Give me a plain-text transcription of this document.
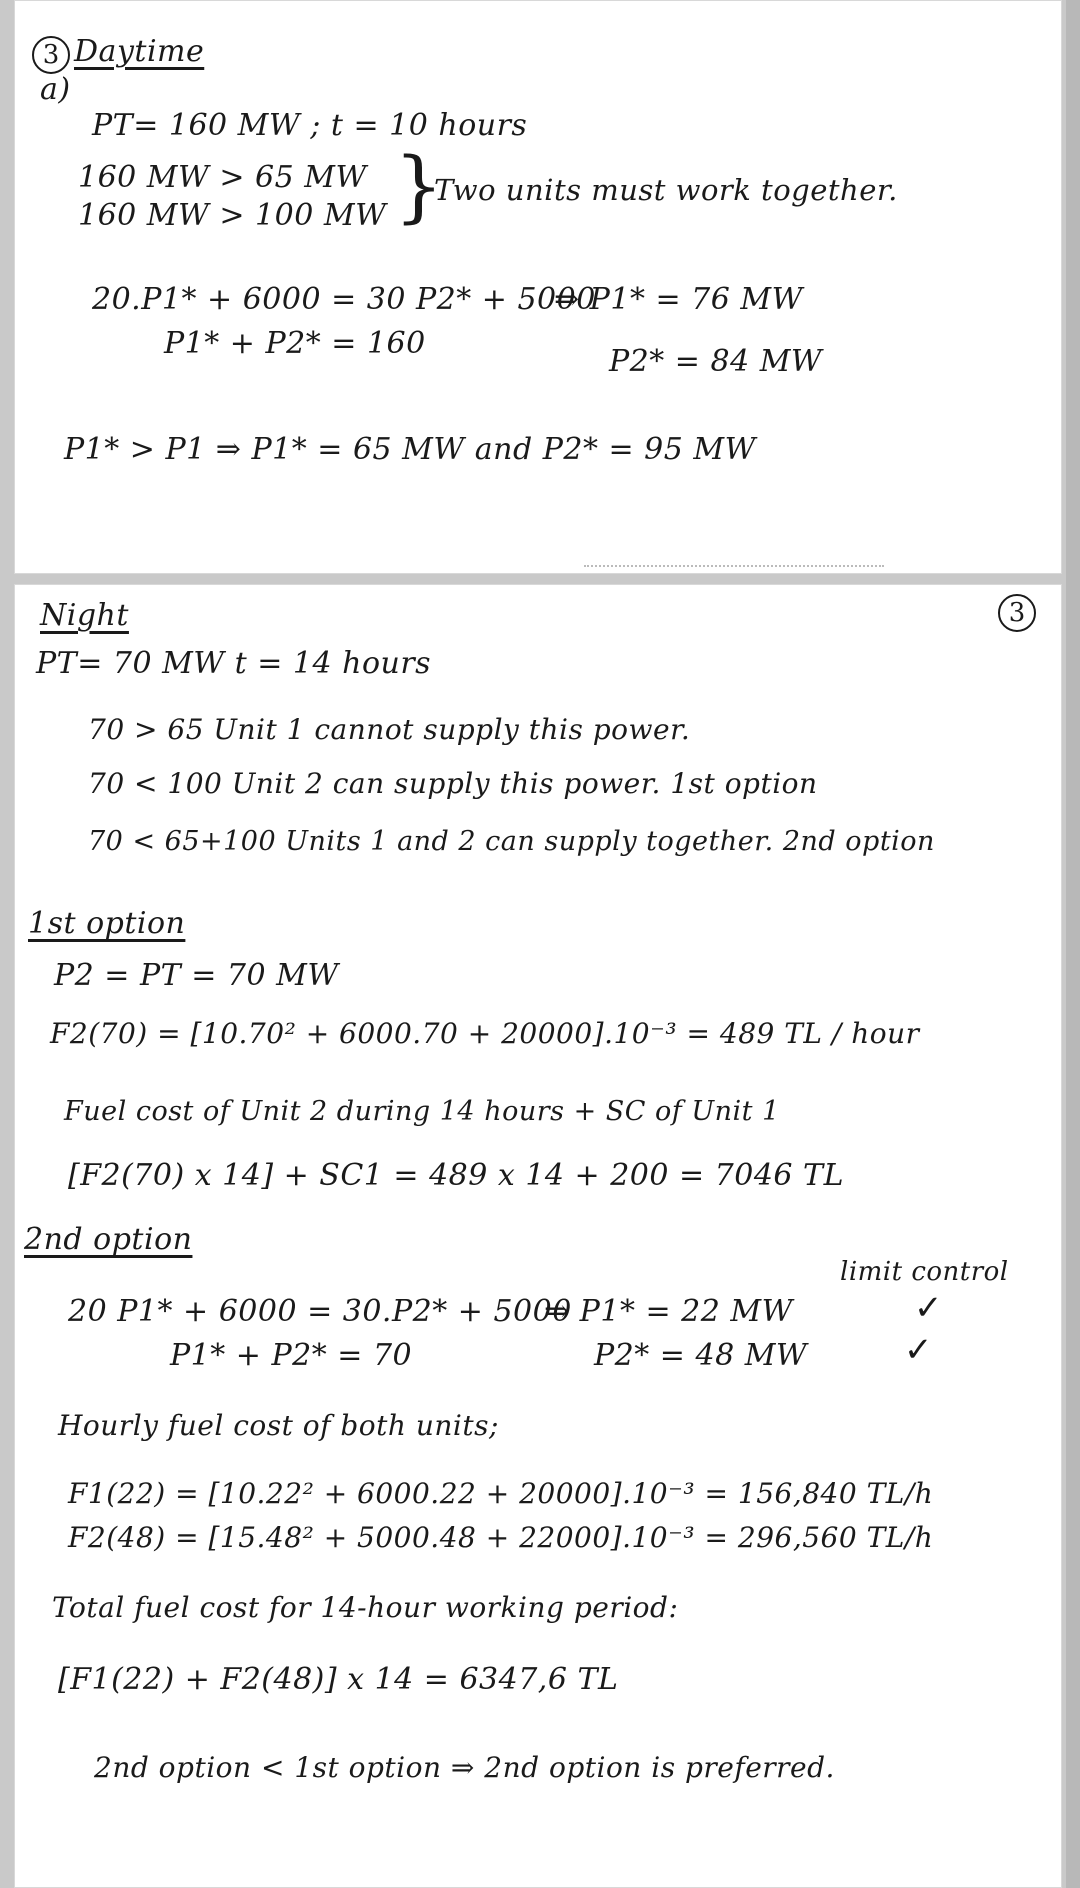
3 Daytime
a)
PT= 160 MW ; t = 10 hours
160 MW > 65 MW
160 MW > 100 MW }
Two units must work together.
20.P1* + 6000 = 30 P2* + 5000
P1* + P2* = 160
⇒ P1* = 76 MW
P2* = 84 MW
P1* > P1 ⇒ P1* = 65 MW and P2* = 95 MW
Night	3
PT= 70 MW t = 14 hours
70 > 65 Unit 1 cannot supply this power.
70 < 100 Unit 2 can supply this power. 1st option
70 < 65+100 Units 1 and 2 can supply together. 2nd option
1st option
P2 = PT = 70 MW
F2(70) = [10.70² + 6000.70 + 20000].10⁻³ = 489 TL / hour
Fuel cost of Unit 2 during 14 hours + SC of Unit 1
[F2(70) x 14] + SC1 = 489 x 14 + 200 = 7046 TL
2nd option
limit control
20 P1* + 6000 = 30.P2* + 5000
P1* + P2* = 70
⇒ P1* = 22 MW
P2* = 48 MW
✓
✓
Hourly fuel cost of both units;
F1(22) = [10.22² + 6000.22 + 20000].10⁻³ = 156,840 TL/h
F2(48) = [15.48² + 5000.48 + 22000].10⁻³ = 296,560 TL/h
Total fuel cost for 14-hour working period:
[F1(22) + F2(48)] x 14 = 6347,6 TL
2nd option < 1st option ⇒ 2nd option is preferred.
